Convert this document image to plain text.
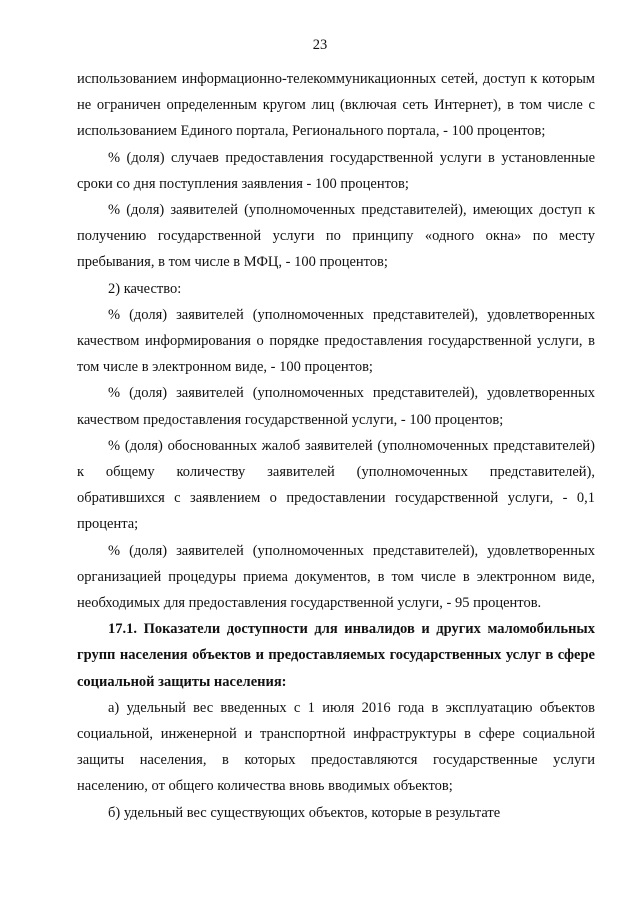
23

использованием информационно-телекоммуникационных сетей, доступ к которым не ограничен определенным кругом лиц (включая сеть Интернет), в том числе с использованием Единого портала, Регионального портала, - 100 процентов;

% (доля) случаев предоставления государственной услуги в установленные сроки со дня поступления заявления - 100 процентов;

% (доля) заявителей (уполномоченных представителей), имеющих доступ к получению государственной услуги по принципу «одного окна» по месту пребывания, в том числе в МФЦ, - 100 процентов;

2) качество:

% (доля) заявителей (уполномоченных представителей), удовлетворенных качеством информирования о порядке предоставления государственной услуги, в том числе в электронном виде, - 100 процентов;

% (доля) заявителей (уполномоченных представителей), удовлетворенных качеством предоставления государственной услуги, - 100 процентов;

% (доля) обоснованных жалоб заявителей (уполномоченных представителей) к общему количеству заявителей (уполномоченных представителей), обратившихся с заявлением о предоставлении государственной услуги, - 0,1 процента;

% (доля) заявителей (уполномоченных представителей), удовлетворенных организацией процедуры приема документов, в том числе в электронном виде, необходимых для предоставления государственной услуги, - 95 процентов.

17.1. Показатели доступности для инвалидов и других маломобильных групп населения объектов и предоставляемых государственных услуг в сфере социальной защиты населения:

а) удельный вес введенных с 1 июля 2016 года в эксплуатацию объектов социальной, инженерной и транспортной инфраструктуры в сфере социальной защиты населения, в которых предоставляются государственные услуги населению, от общего количества вновь вводимых объектов;

б) удельный вес существующих объектов, которые в результате
